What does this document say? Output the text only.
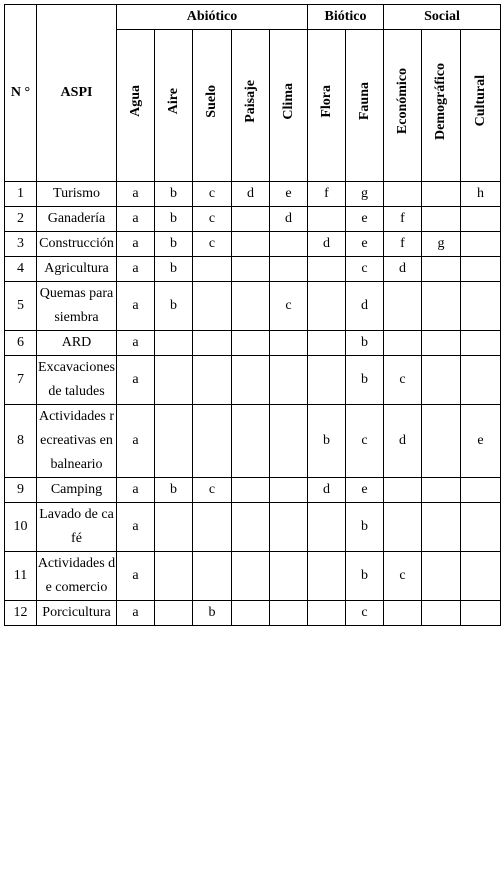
N °	ASPI	Abiótico					Biótico		Social		
		Agua	Aire	Suelo	Paisaje	Clima	Flora	Fauna	Económico	Demográfico	Cultural
1	Turismo	a	b	c	d	e	f	g			h
2	Ganadería	a	b	c		d		e	f		
3	Construcción	a	b	c			d	e	f	g	
4	Agricultura	a	b					c	d		
5	Quemas para siembra	a	b			c		d			
6	ARD	a						b			
7	Excavaciones de taludes	a						b	c		
8	Actividades recreativas en balneario	a					b	c	d		e
9	Camping	a	b	c			d	e			
10	Lavado de café	a						b			
11	Actividades de comercio	a						b	c		
12	Porcicultura	a		b				c			
